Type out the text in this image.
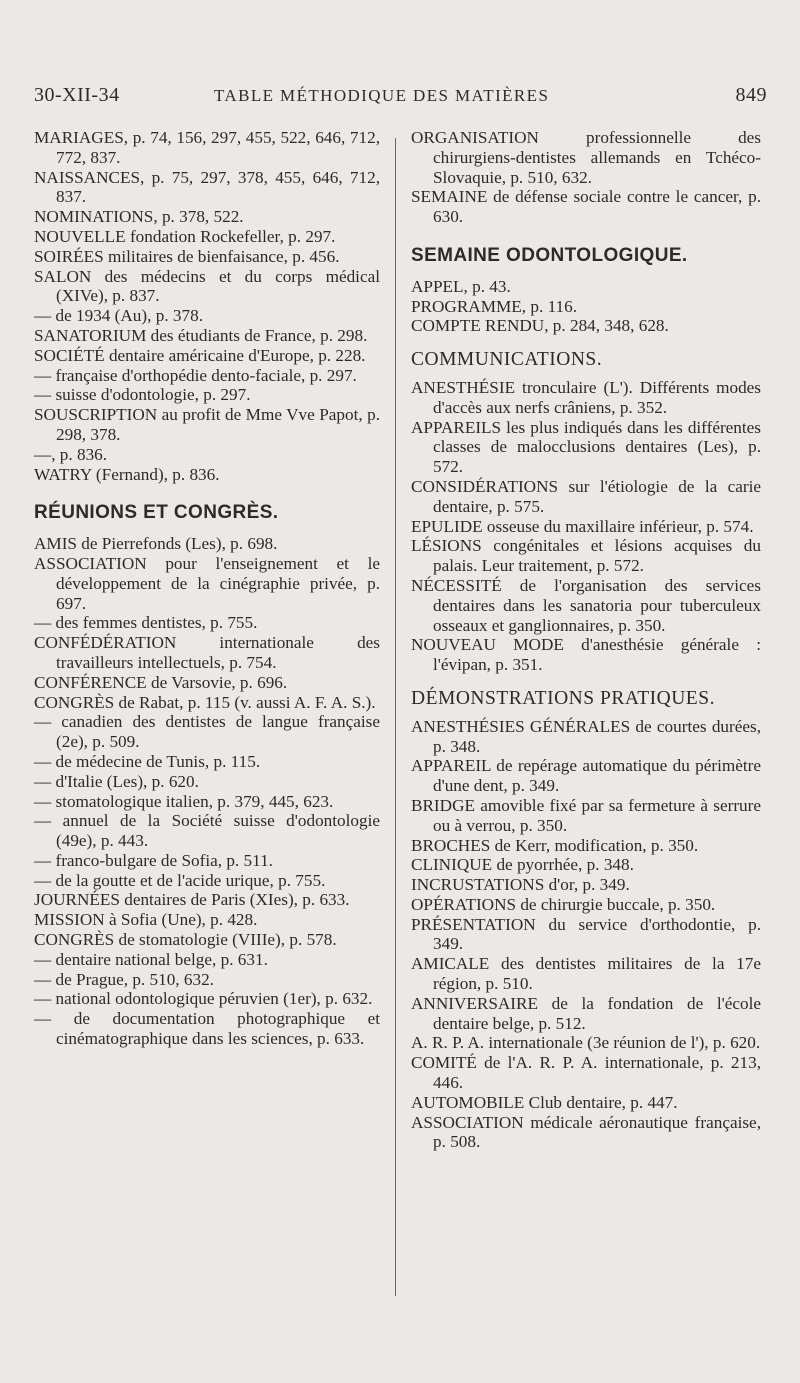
30-XII-34	TABLE MÉTHODIQUE DES MATIÈRES	849
MARIAGES, p. 74, 156, 297, 455, 522, 646, 712, 772, 837.
NAISSANCES, p. 75, 297, 378, 455, 646, 712, 837.
NOMINATIONS, p. 378, 522.
NOUVELLE fondation Rockefeller, p. 297.
SOIRÉES militaires de bienfaisance, p. 456.
SALON des médecins et du corps médical (XIVe), p. 837.
— de 1934 (Au), p. 378.
SANATORIUM des étudiants de France, p. 298.
SOCIÉTÉ dentaire américaine d'Europe, p. 228.
— française d'orthopédie dento-faciale, p. 297.
— suisse d'odontologie, p. 297.
SOUSCRIPTION au profit de Mme Vve Papot, p. 298, 378.
—, p. 836.
WATRY (Fernand), p. 836.
RÉUNIONS ET CONGRÈS.
AMIS de Pierrefonds (Les), p. 698.
ASSOCIATION pour l'enseignement et le développement de la cinégraphie privée, p. 697.
— des femmes dentistes, p. 755.
CONFÉDÉRATION internationale des travailleurs intellectuels, p. 754.
CONFÉRENCE de Varsovie, p. 696.
CONGRÈS de Rabat, p. 115 (v. aussi A. F. A. S.).
— canadien des dentistes de langue française (2e), p. 509.
— de médecine de Tunis, p. 115.
— d'Italie (Les), p. 620.
— stomatologique italien, p. 379, 445, 623.
— annuel de la Société suisse d'odontologie (49e), p. 443.
— franco-bulgare de Sofia, p. 511.
— de la goutte et de l'acide urique, p. 755.
JOURNÉES dentaires de Paris (XIes), p. 633.
MISSION à Sofia (Une), p. 428.
CONGRÈS de stomatologie (VIIIe), p. 578.
— dentaire national belge, p. 631.
— de Prague, p. 510, 632.
— national odontologique péruvien (1er), p. 632.
— de documentation photographique et cinématographique dans les sciences, p. 633.
ORGANISATION professionnelle des chirurgiens-dentistes allemands en Tchéco-Slovaquie, p. 510, 632.
SEMAINE de défense sociale contre le cancer, p. 630.
SEMAINE ODONTOLOGIQUE.
APPEL, p. 43.
PROGRAMME, p. 116.
COMPTE RENDU, p. 284, 348, 628.
COMMUNICATIONS.
ANESTHÉSIE tronculaire (L'). Différents modes d'accès aux nerfs crâniens, p. 352.
APPAREILS les plus indiqués dans les différentes classes de malocclusions dentaires (Les), p. 572.
CONSIDÉRATIONS sur l'étiologie de la carie dentaire, p. 575.
EPULIDE osseuse du maxillaire inférieur, p. 574.
LÉSIONS congénitales et lésions acquises du palais. Leur traitement, p. 572.
NÉCESSITÉ de l'organisation des services dentaires dans les sanatoria pour tuberculeux osseaux et ganglionnaires, p. 350.
NOUVEAU MODE d'anesthésie générale : l'évipan, p. 351.
DÉMONSTRATIONS PRATIQUES.
ANESTHÉSIES GÉNÉRALES de courtes durées, p. 348.
APPAREIL de repérage automatique du périmètre d'une dent, p. 349.
BRIDGE amovible fixé par sa fermeture à serrure ou à verrou, p. 350.
BROCHES de Kerr, modification, p. 350.
CLINIQUE de pyorrhée, p. 348.
INCRUSTATIONS d'or, p. 349.
OPÉRATIONS de chirurgie buccale, p. 350.
PRÉSENTATION du service d'orthodontie, p. 349.
AMICALE des dentistes militaires de la 17e région, p. 510.
ANNIVERSAIRE de la fondation de l'école dentaire belge, p. 512.
A. R. P. A. internationale (3e réunion de l'), p. 620.
COMITÉ de l'A. R. P. A. internationale, p. 213, 446.
AUTOMOBILE Club dentaire, p. 447.
ASSOCIATION médicale aéronautique française, p. 508.
